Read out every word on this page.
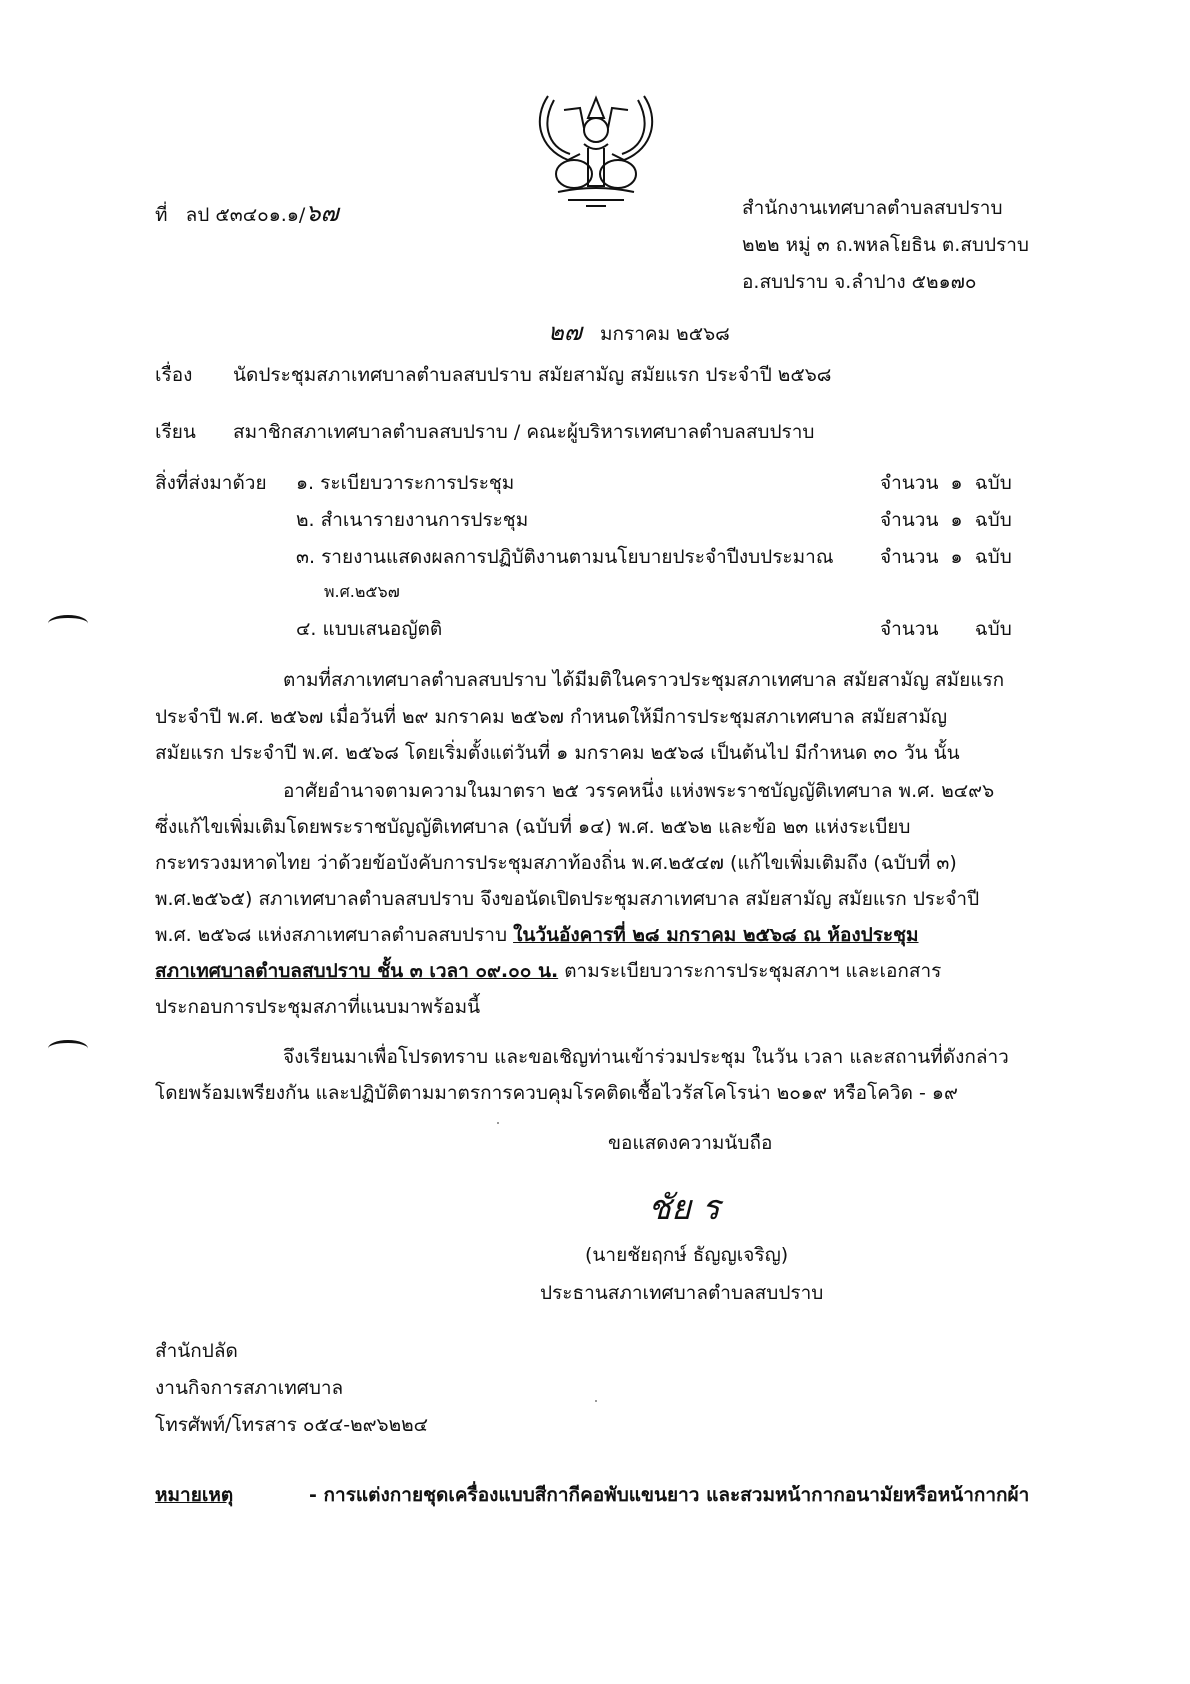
ที่ ลป ๕๓๔๐๑.๑/๖๗	สำนักงานเทศบาลตำบลสบปราบ
๒๒๒ หมู่ ๓ ถ.พหลโยธิน ต.สบปราบ
อ.สบปราบ จ.ลำปาง ๕๒๑๗๐
๒๗ มกราคม ๒๕๖๘
เรื่อง นัดประชุมสภาเทศบาลตำบลสบปราบ สมัยสามัญ สมัยแรก ประจำปี ๒๕๖๘
เรียน สมาชิกสภาเทศบาลตำบลสบปราบ / คณะผู้บริหารเทศบาลตำบลสบปราบ
สิ่งที่ส่งมาด้วย ๑. ระเบียบวาระการประชุม	จำนวน ๑ ฉบับ
๒. สำเนารายงานการประชุม	จำนวน ๑ ฉบับ
๓. รายงานแสดงผลการปฏิบัติงานตามนโยบายประจำปีงบประมาณ จำนวน ๑ ฉบับ
พ.ศ.๒๕๖๗
๔. แบบเสนอญัตติ	จำนวน ฉบับ
ตามที่สภาเทศบาลตำบลสบปราบ ได้มีมติในคราวประชุมสภาเทศบาล สมัยสามัญ สมัยแรก
ประจำปี พ.ศ. ๒๕๖๗ เมื่อวันที่ ๒๙ มกราคม ๒๕๖๗ กำหนดให้มีการประชุมสภาเทศบาล สมัยสามัญ
สมัยแรก ประจำปี พ.ศ. ๒๕๖๘ โดยเริ่มตั้งแต่วันที่ ๑ มกราคม ๒๕๖๘ เป็นต้นไป มีกำหนด ๓๐ วัน นั้น
อาศัยอำนาจตามความในมาตรา ๒๕ วรรคหนึ่ง แห่งพระราชบัญญัติเทศบาล พ.ศ. ๒๔๙๖
ซึ่งแก้ไขเพิ่มเติมโดยพระราชบัญญัติเทศบาล (ฉบับที่ ๑๔) พ.ศ. ๒๕๖๒ และข้อ ๒๓ แห่งระเบียบ
กระทรวงมหาดไทย ว่าด้วยข้อบังคับการประชุมสภาท้องถิ่น พ.ศ.๒๕๔๗ (แก้ไขเพิ่มเติมถึง (ฉบับที่ ๓)
พ.ศ.๒๕๖๕) สภาเทศบาลตำบลสบปราบ จึงขอนัดเปิดประชุมสภาเทศบาล สมัยสามัญ สมัยแรก ประจำปี
พ.ศ. ๒๕๖๘ แห่งสภาเทศบาลตำบลสบปราบ ในวันอังคารที่ ๒๘ มกราคม ๒๕๖๘ ณ ห้องประชุม
สภาเทศบาลตำบลสบปราบ ชั้น ๓ เวลา ๐๙.๐๐ น. ตามระเบียบวาระการประชุมสภาฯ และเอกสาร
ประกอบการประชุมสภาที่แนบมาพร้อมนี้
จึงเรียนมาเพื่อโปรดทราบ และขอเชิญท่านเข้าร่วมประชุม ในวัน เวลา และสถานที่ดังกล่าว
โดยพร้อมเพรียงกัน และปฏิบัติตามมาตรการควบคุมโรคติดเชื้อไวรัสโคโรน่า ๒๐๑๙ หรือโควิด - ๑๙
ขอแสดงความนับถือ
ชัย ร
(นายชัยฤกษ์ ธัญญเจริญ)
ประธานสภาเทศบาลตำบลสบปราบ
สำนักปลัด
งานกิจการสภาเทศบาล
โทรศัพท์/โทรสาร ๐๕๔-๒๙๖๒๒๔
หมายเหตุ	- การแต่งกายชุดเครื่องแบบสีกากีคอพับแขนยาว และสวมหน้ากากอนามัยหรือหน้ากากผ้า
